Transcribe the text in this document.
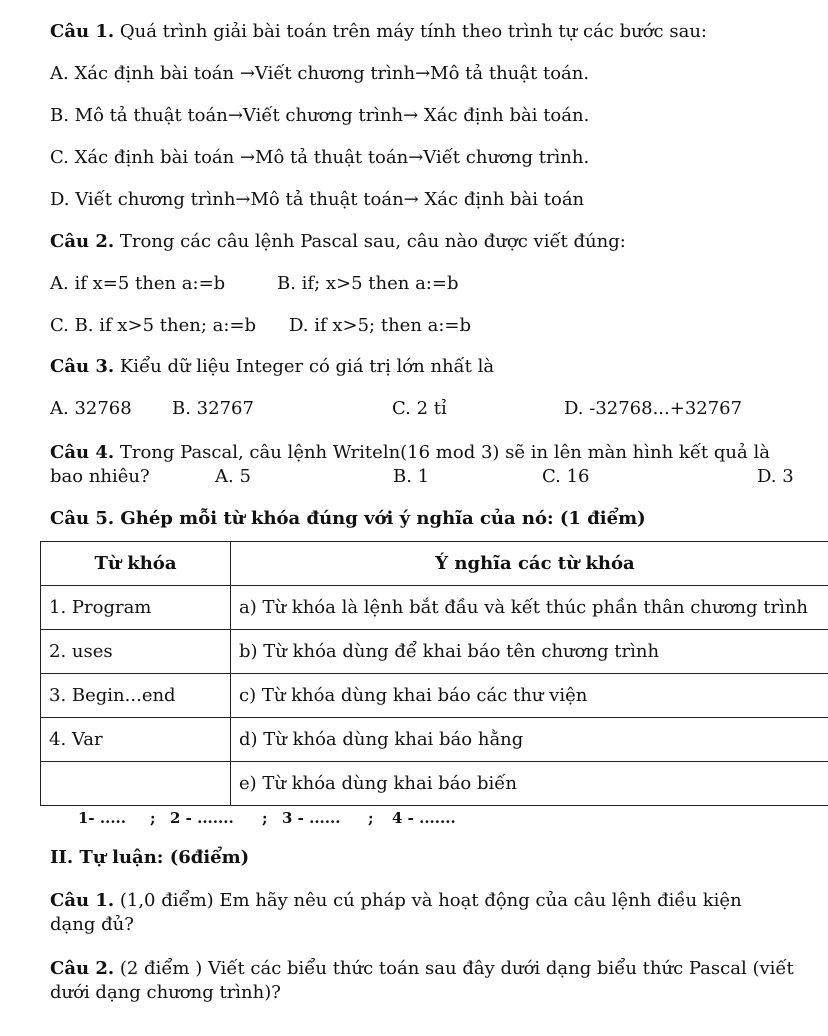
Câu 1. Quá trình giải bài toán trên máy tính theo trình tự các bước sau:
A. Xác định bài toán →Viết chương trình→Mô tả thuật toán.
B. Mô tả thuật toán→Viết chương trình→ Xác định bài toán.
C. Xác định bài toán →Mô tả thuật toán→Viết chương trình.
D. Viết chương trình→Mô tả thuật toán→ Xác định bài toán
Câu 2. Trong các câu lệnh Pascal sau, câu nào được viết đúng:
A. if x=5 then a:=b	B. if; x>5 then a:=b
C. B. if x>5 then; a:=b D. if x>5; then a:=b
Câu 3. Kiểu dữ liệu Integer có giá trị lớn nhất là
A. 32768 B. 32767	C. 2 tỉ	D. -32768...+32767
Câu 4. Trong Pascal, câu lệnh Writeln(16 mod 3) sẽ in lên màn hình kết quả là
bao nhiêu?	A. 5	B. 1	C. 16	D. 3
Câu 5. Ghép mỗi từ khóa đúng với ý nghĩa của nó: (1 điểm)
Từ khóa	Ý nghĩa các từ khóa
1. Program	a) Từ khóa là lệnh bắt đầu và kết thúc phần thân chương trình
2. uses	b) Từ khóa dùng để khai báo tên chương trình
3. Begin...end	c) Từ khóa dùng khai báo các thư viện
4. Var	d) Từ khóa dùng khai báo hằng
	e) Từ khóa dùng khai báo biến
1- ..... ; 2 - ....... ; 3 - ...... ; 4 - .......
II. Tự luận: (6điểm)
Câu 1. (1,0 điểm) Em hãy nêu cú pháp và hoạt động của câu lệnh điều kiện
dạng đủ?
Câu 2. (2 điểm ) Viết các biểu thức toán sau đây dưới dạng biểu thức Pascal (viết
dưới dạng chương trình)?
